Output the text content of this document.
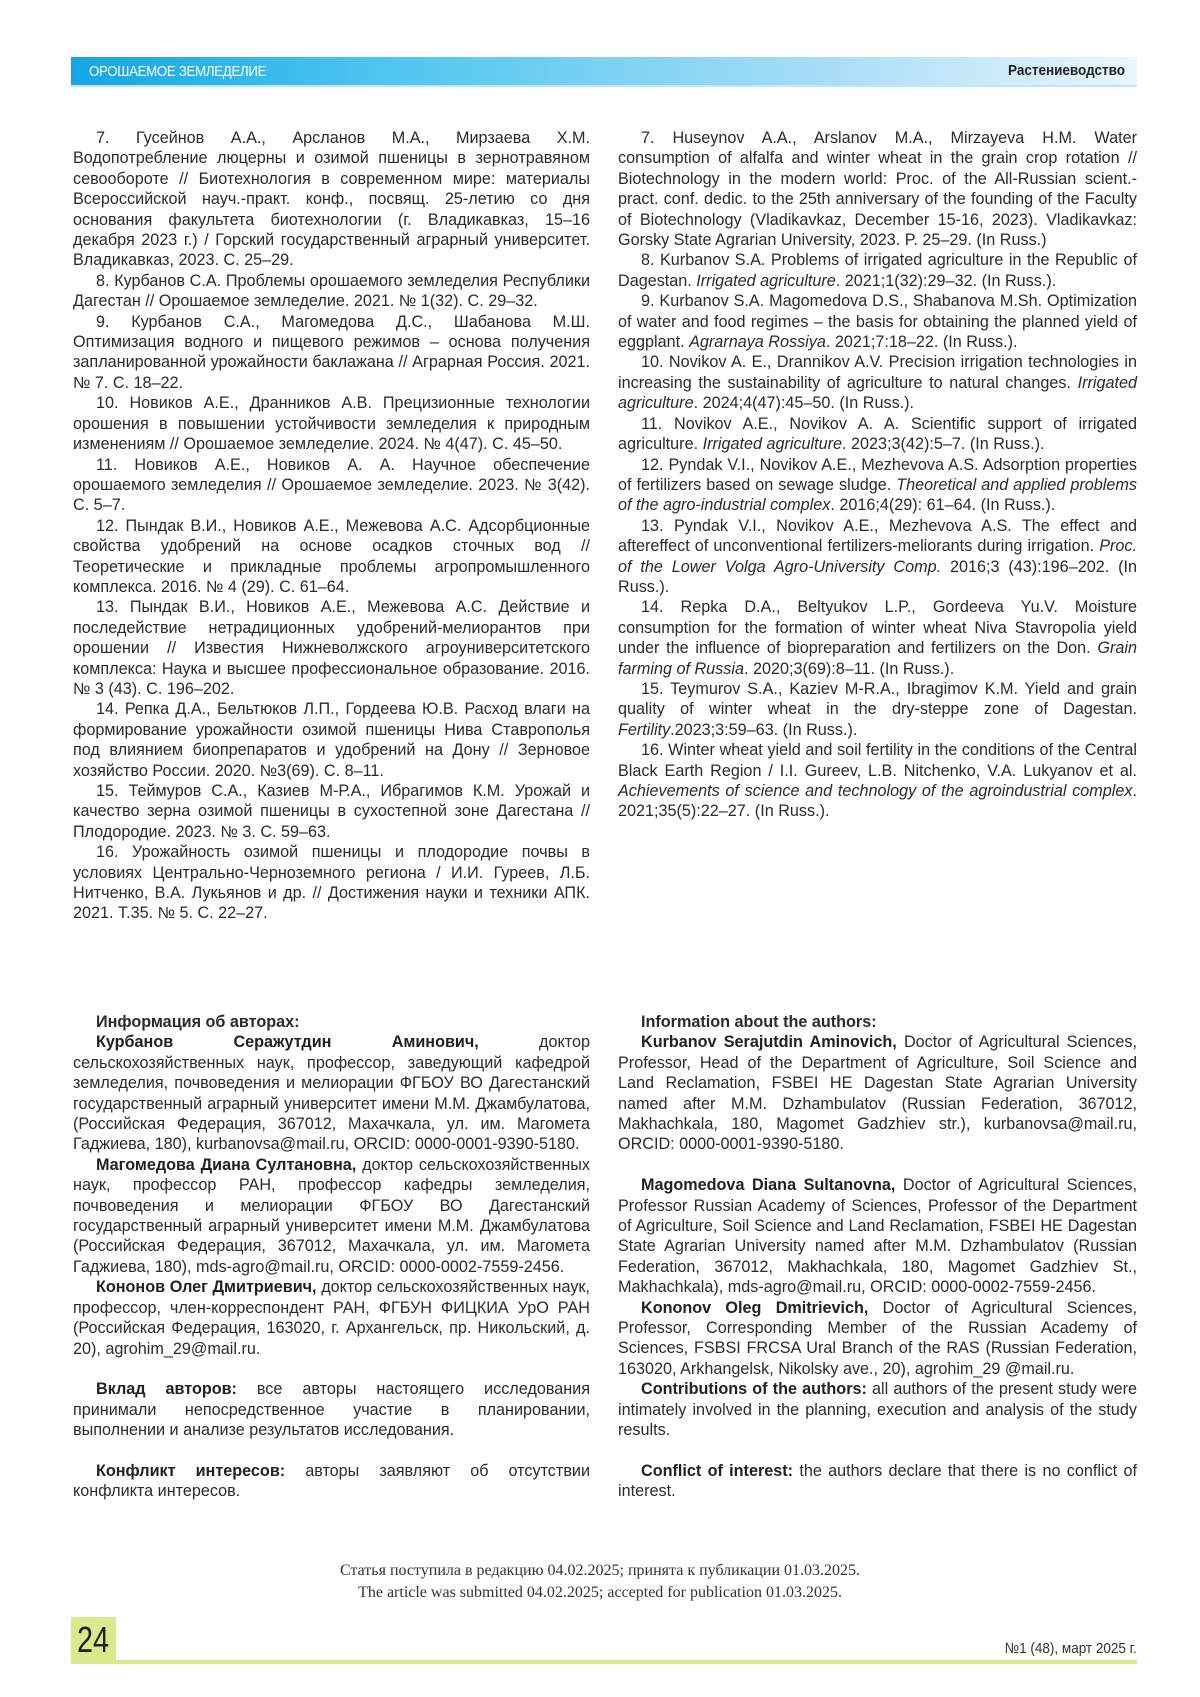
ОРОШАЕМОЕ ЗЕМЛЕДЕЛИЕ	Растениеводство

7. Гусейнов А.А., Арсланов М.А., Мирзаева Х.М. Водопотребление люцерны и озимой пшеницы в зернотравяном севообороте // Биотехнология в современном мире: материалы Всероссийской науч.-практ. конф., посвящ. 25-летию со дня основания факультета биотехнологии (г. Владикавказ, 15–16 декабря 2023 г.) / Горский государственный аграрный университет. Владикавказ, 2023. С. 25–29.

8. Курбанов С.А. Проблемы орошаемого земледелия Республики Дагестан // Орошаемое земледелие. 2021. № 1(32). С. 29–32.

9. Курбанов С.А., Магомедова Д.С., Шабанова М.Ш. Оптимизация водного и пищевого режимов – основа получения запланированной урожайности баклажана // Аграрная Россия. 2021. № 7. С. 18–22.

10. Новиков А.Е., Дранников А.В. Прецизионные технологии орошения в повышении устойчивости земледелия к природным изменениям // Орошаемое земледелие. 2024. № 4(47). С. 45–50.

11. Новиков А.Е., Новиков А. А. Научное обеспечение орошаемого земледелия // Орошаемое земледелие. 2023. № 3(42). С. 5–7.

12. Пындак В.И., Новиков А.Е., Межевова А.С. Адсорбционные свойства удобрений на основе осадков сточных вод // Теоретические и прикладные проблемы агропромышленного комплекса. 2016. № 4 (29). С. 61–64.

13. Пындак В.И., Новиков А.Е., Межевова А.С. Действие и последействие нетрадиционных удобрений-мелиорантов при орошении // Известия Нижневолжского агроуниверситетского комплекса: Наука и высшее профессиональное образование. 2016. № 3 (43). С. 196–202.

14. Репка Д.А., Бельтюков Л.П., Гордеева Ю.В. Расход влаги на формирование урожайности озимой пшеницы Нива Ставрополья под влиянием биопрепаратов и удобрений на Дону // Зерновое хозяйство России. 2020. №3(69). С. 8–11.

15. Теймуров С.А., Казиев М-Р.А., Ибрагимов К.М. Урожай и качество зерна озимой пшеницы в сухостепной зоне Дагестана // Плодородие. 2023. № 3. С. 59–63.

16. Урожайность озимой пшеницы и плодородие почвы в условиях Центрально-Черноземного региона / И.И. Гуреев, Л.Б. Нитченко, В.А. Лукьянов и др. // Достижения науки и техники АПК. 2021. Т.35. № 5. С. 22–27.

7. Huseynov A.A., Arslanov M.A., Mirzayeva H.M. Water consumption of alfalfa and winter wheat in the grain crop rotation // Biotechnology in the modern world: Proc. of the All-Russian scient.-pract. conf. dedic. to the 25th anniversary of the founding of the Faculty of Biotechnology (Vladikavkaz, December 15-16, 2023). Vladikavkaz: Gorsky State Agrarian University, 2023. P. 25–29. (In Russ.)

8. Kurbanov S.A. Problems of irrigated agriculture in the Republic of Dagestan. Irrigated agriculture. 2021;1(32):29–32. (In Russ.).

9. Kurbanov S.A. Magomedova D.S., Shabanova M.Sh. Optimization of water and food regimes – the basis for obtaining the planned yield of eggplant. Agrarnaya Rossiya. 2021;7:18–22. (In Russ.).

10. Novikov A. E., Drannikov A.V. Precision irrigation technologies in increasing the sustainability of agriculture to natural changes. Irrigated agriculture. 2024;4(47):45–50. (In Russ.).

11. Novikov A.E., Novikov A. A. Scientific support of irrigated agriculture. Irrigated agriculture. 2023;3(42):5–7. (In Russ.).

12. Pyndak V.I., Novikov A.E., Mezhevova A.S. Adsorption properties of fertilizers based on sewage sludge. Theoretical and applied problems of the agro-industrial complex. 2016;4(29): 61–64. (In Russ.).

13. Pyndak V.I., Novikov A.E., Mezhevova A.S. The effect and aftereffect of unconventional fertilizers-meliorants during irrigation. Proc. of the Lower Volga Agro-University Comp. 2016;3 (43):196–202. (In Russ.).

14. Repka D.A., Beltyukov L.P., Gordeeva Yu.V. Moisture consumption for the formation of winter wheat Niva Stavropolia yield under the influence of biopreparation and fertilizers on the Don. Grain farming of Russia. 2020;3(69):8–11. (In Russ.).

15. Teymurov S.A., Kaziev M-R.A., Ibragimov K.M. Yield and grain quality of winter wheat in the dry-steppe zone of Dagestan. Fertility.2023;3:59–63. (In Russ.).

16. Winter wheat yield and soil fertility in the conditions of the Central Black Earth Region / I.I. Gureev, L.B. Nitchenko, V.A. Lukyanov et al. Achievements of science and technology of the agroindustrial complex. 2021;35(5):22–27. (In Russ.).

Информация об авторах:

Курбанов Серажутдин Аминович, доктор сельскохозяйственных наук, профессор, заведующий кафедрой земледелия, почвоведения и мелиорации ФГБОУ ВО Дагестанский государственный аграрный университет имени М.М. Джамбулатова, (Российская Федерация, 367012, Махачкала, ул. им. Магомета Гаджиева, 180), kurbanovsa@mail.ru, ORCID: 0000-0001-9390-5180.

Магомедова Диана Султановна, доктор сельскохозяйственных наук, профессор РАН, профессор кафедры земледелия, почвоведения и мелиорации ФГБОУ ВО Дагестанский государственный аграрный университет имени М.М. Джамбулатова (Российская Федерация, 367012, Махачкала, ул. им. Магомета Гаджиева, 180), mds-agro@mail.ru, ORCID: 0000-0002-7559-2456.

Кононов Олег Дмитриевич, доктор сельскохозяйственных наук, профессор, член-корреспондент РАН, ФГБУН ФИЦКИА УрО РАН (Российская Федерация, 163020, г. Архангельск, пр. Никольский, д. 20), agrohim_29@mail.ru.

Вклад авторов: все авторы настоящего исследования принимали непосредственное участие в планировании, выполнении и анализе результатов исследования.

Конфликт интересов: авторы заявляют об отсутствии конфликта интересов.

Information about the authors:

Kurbanov Serajutdin Aminovich, Doctor of Agricultural Sciences, Professor, Head of the Department of Agriculture, Soil Science and Land Reclamation, FSBEI HE Dagestan State Agrarian University named after M.M. Dzhambulatov (Russian Federation, 367012, Makhachkala, 180, Magomet Gadzhiev str.), kurbanovsa@mail.ru, ORCID: 0000-0001-9390-5180.

Magomedova Diana Sultanovna, Doctor of Agricultural Sciences, Professor Russian Academy of Sciences, Professor of the Department of Agriculture, Soil Science and Land Reclamation, FSBEI HE Dagestan State Agrarian University named after M.M. Dzhambulatov (Russian Federation, 367012, Makhachkala, 180, Magomet Gadzhiev St., Makhachkala), mds-agro@mail.ru, ORCID: 0000-0002-7559-2456.

Kononov Oleg Dmitrievich, Doctor of Agricultural Sciences, Professor, Corresponding Member of the Russian Academy of Sciences, FSBSI FRCSA Ural Branch of the RAS (Russian Federation, 163020, Arkhangelsk, Nikolsky ave., 20), agrohim_29 @mail.ru.

Contributions of the authors: all authors of the present study were intimately involved in the planning, execution and analysis of the study results.

Conflict of interest: the authors declare that there is no conflict of interest.

Статья поступила в редакцию 04.02.2025; принята к публикации 01.03.2025.
The article was submitted 04.02.2025; accepted for publication 01.03.2025.
24	№1 (48), март 2025 г.
